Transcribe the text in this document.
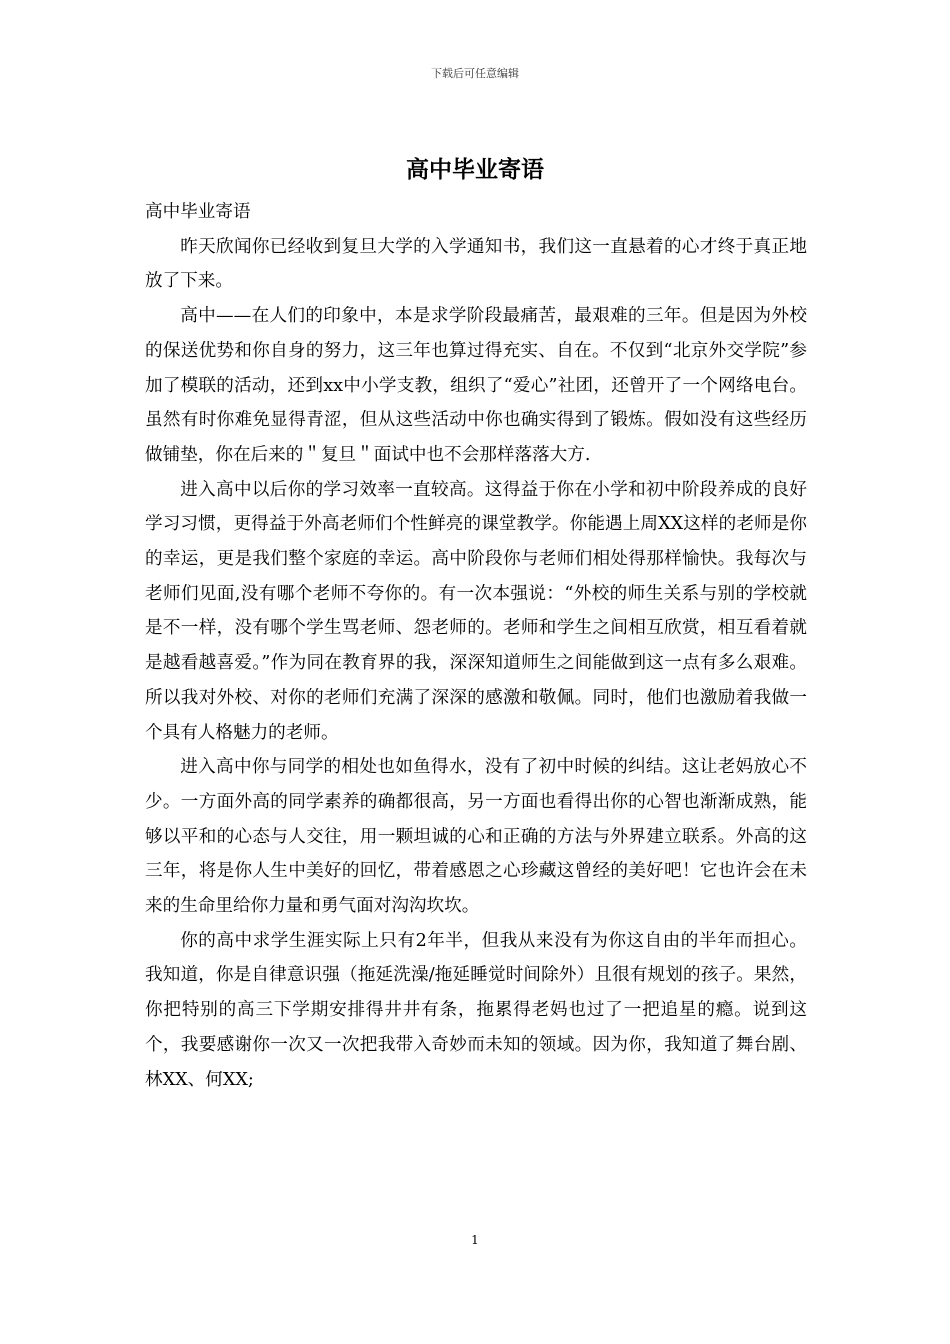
下载后可任意编辑
高中毕业寄语

高中毕业寄语

昨天欣闻你已经收到复旦大学的入学通知书，我们这一直悬着的心才终于真正地放了下来。

高中——在人们的印象中，本是求学阶段最痛苦，最艰难的三年。但是因为外校的保送优势和你自身的努力，这三年也算过得充实、自在。不仅到“北京外交学院”参加了模联的活动，还到xx中小学支教，组织了“爱心”社团，还曾开了一个网络电台。虽然有时你难免显得青涩，但从这些活动中你也确实得到了锻炼。假如没有这些经历做铺垫，你在后来的＂复旦＂面试中也不会那样落落大方.

进入高中以后你的学习效率一直较高。这得益于你在小学和初中阶段养成的良好学习习惯，更得益于外高老师们个性鲜亮的课堂教学。你能遇上周XX这样的老师是你的幸运，更是我们整个家庭的幸运。高中阶段你与老师们相处得那样愉快。我每次与老师们见面,没有哪个老师不夸你的。有一次本强说：“外校的师生关系与别的学校就是不一样，没有哪个学生骂老师、怨老师的。老师和学生之间相互欣赏，相互看着就是越看越喜爱。”作为同在教育界的我，深深知道师生之间能做到这一点有多么艰难。所以我对外校、对你的老师们充满了深深的感激和敬佩。同时，他们也激励着我做一个具有人格魅力的老师。

进入高中你与同学的相处也如鱼得水，没有了初中时候的纠结。这让老妈放心不少。一方面外高的同学素养的确都很高，另一方面也看得出你的心智也渐渐成熟，能够以平和的心态与人交往，用一颗坦诚的心和正确的方法与外界建立联系。外高的这三年，将是你人生中美好的回忆，带着感恩之心珍藏这曾经的美好吧！它也许会在未来的生命里给你力量和勇气面对沟沟坎坎。

你的高中求学生涯实际上只有2年半，但我从来没有为你这自由的半年而担心。我知道，你是自律意识强（拖延洗澡/拖延睡觉时间除外）且很有规划的孩子。果然，你把特别的高三下学期安排得井井有条，拖累得老妈也过了一把追星的瘾。说到这个，我要感谢你一次又一次把我带入奇妙而未知的领域。因为你，我知道了舞台剧、林XX、何XX;

1
